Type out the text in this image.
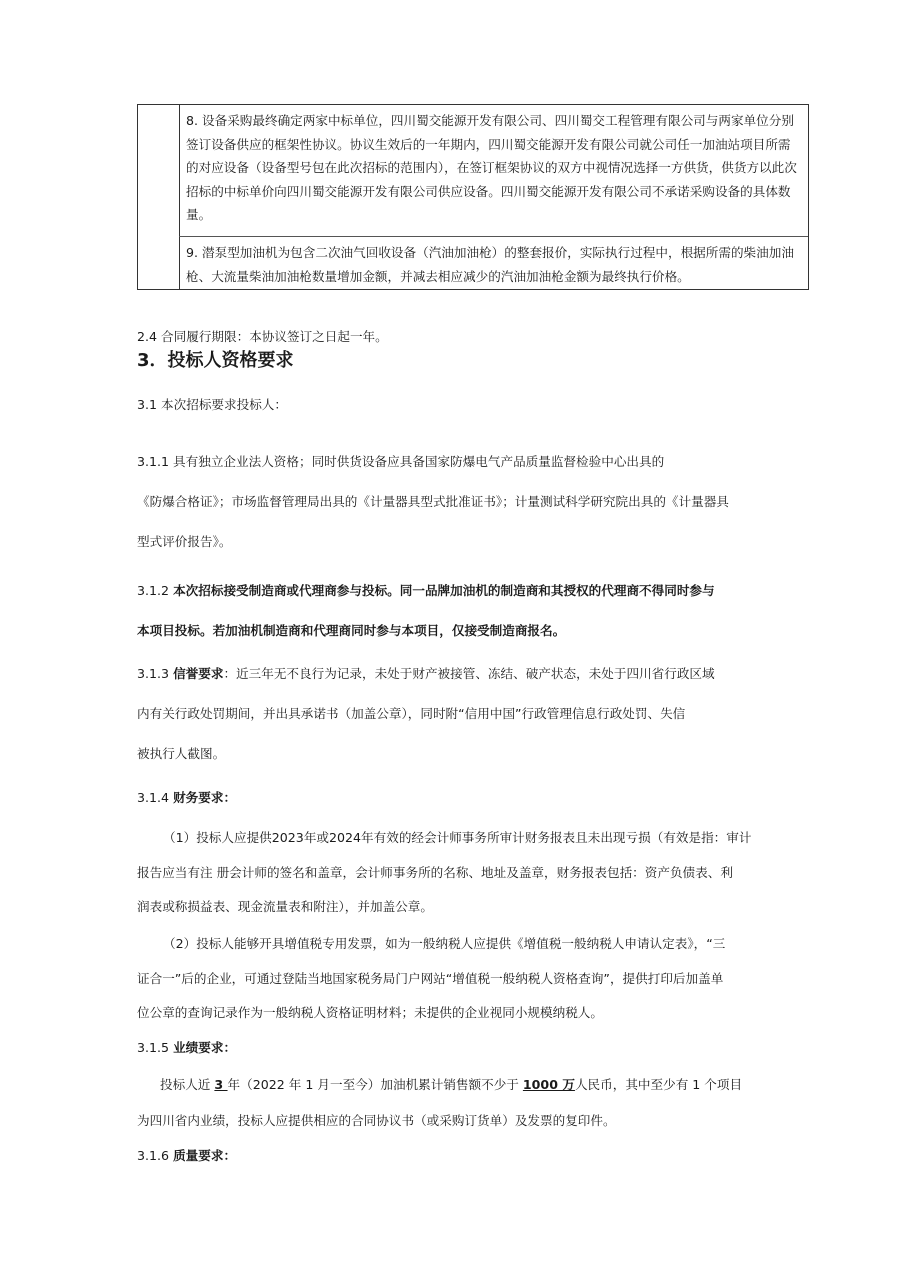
8. 设备采购最终确定两家中标单位，四川蜀交能源开发有限公司、四川蜀交工程管理有限公司与两家单位分别签订设备供应的框架性协议。协议生效后的一年期内，四川蜀交能源开发有限公司就公司任一加油站项目所需的对应设备（设备型号包在此次招标的范围内），在签订框架协议的双方中视情况选择一方供货，供货方以此次招标的中标单价向四川蜀交能源开发有限公司供应设备。四川蜀交能源开发有限公司不承诺采购设备的具体数量。
9. 潜泵型加油机为包含二次油气回收设备（汽油加油枪）的整套报价，实际执行过程中，根据所需的柴油加油枪、大流量柴油加油枪数量增加金额，并减去相应减少的汽油加油枪金额为最终执行价格。
2.4 合同履行期限：本协议签订之日起一年。
3．投标人资格要求
3.1 本次招标要求投标人：
3.1.1 具有独立企业法人资格；同时供货设备应具备国家防爆电气产品质量监督检验中心出具的
《防爆合格证》；市场监督管理局出具的《计量器具型式批准证书》；计量测试科学研究院出具的《计量器具
型式评价报告》。
3.1.2 本次招标接受制造商或代理商参与投标。同一品牌加油机的制造商和其授权的代理商不得同时参与
本项目投标。若加油机制造商和代理商同时参与本项目，仅接受制造商报名。
3.1.3 信誉要求：近三年无不良行为记录，未处于财产被接管、冻结、破产状态，未处于四川省行政区域
内有关行政处罚期间，并出具承诺书（加盖公章），同时附“信用中国”行政管理信息行政处罚、失信
被执行人截图。
3.1.4 财务要求：
（1）投标人应提供2023年或2024年有效的经会计师事务所审计财务报表且未出现亏损（有效是指：审计
报告应当有注 册会计师的签名和盖章，会计师事务所的名称、地址及盖章，财务报表包括：资产负债表、利
润表或称损益表、现金流量表和附注），并加盖公章。
（2）投标人能够开具增值税专用发票，如为一般纳税人应提供《增值税一般纳税人申请认定表》，“三
证合一”后的企业，可通过登陆当地国家税务局门户网站“增值税一般纳税人资格查询”，提供打印后加盖单
位公章的查询记录作为一般纳税人资格证明材料；未提供的企业视同小规模纳税人。
3.1.5 业绩要求：
投标人近 3 年（2022 年 1 月一至今）加油机累计销售额不少于 1000 万人民币，其中至少有 1 个项目
为四川省内业绩，投标人应提供相应的合同协议书（或采购订货单）及发票的复印件。
3.1.6 质量要求：
